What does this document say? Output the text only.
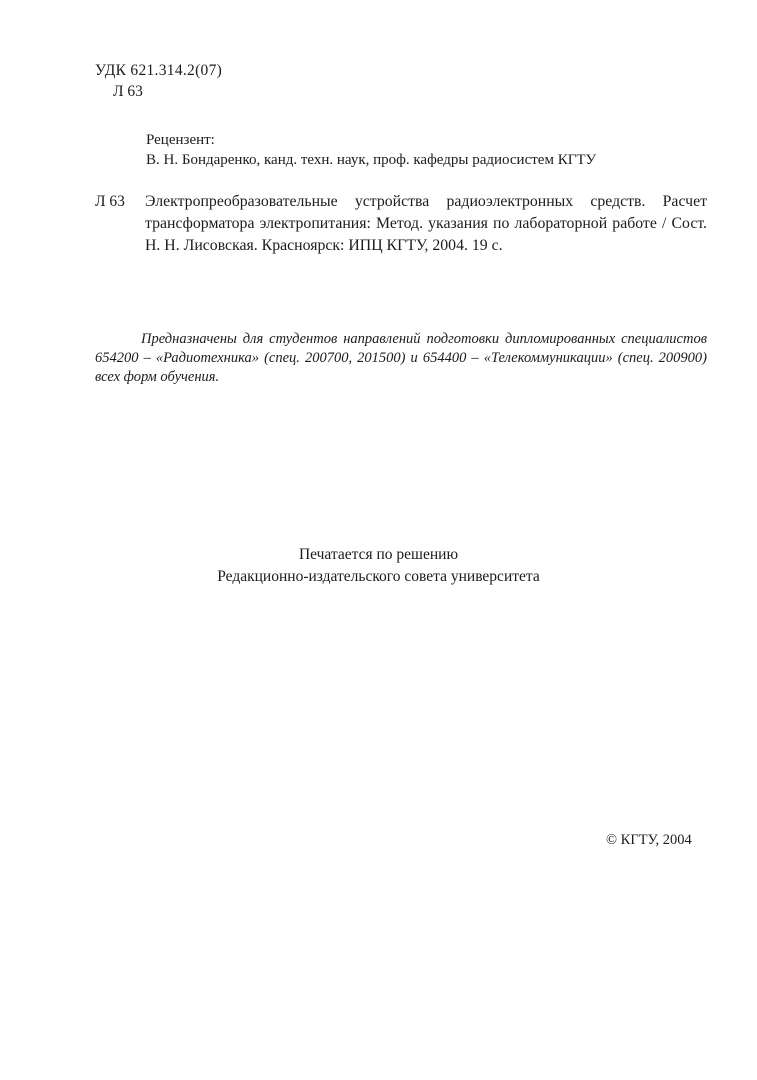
УДК 621.314.2(07)
Л 63
Рецензент:
В. Н. Бондаренко, канд. техн. наук, проф. кафедры радиосистем КГТУ
Л 63	Электропреобразовательные устройства радиоэлектронных средств. Расчет трансформатора электропитания: Метод. указания по лабораторной работе / Сост. Н. Н. Лисовская. Красноярск: ИПЦ КГТУ, 2004. 19 с.
Предназначены для студентов направлений подготовки дипломированных специалистов 654200 – «Радиотехника» (спец. 200700, 201500) и 654400 – «Телекоммуникации» (спец. 200900) всех форм обучения.
Печатается по решению
Редакционно-издательского совета университета
© КГТУ, 2004
